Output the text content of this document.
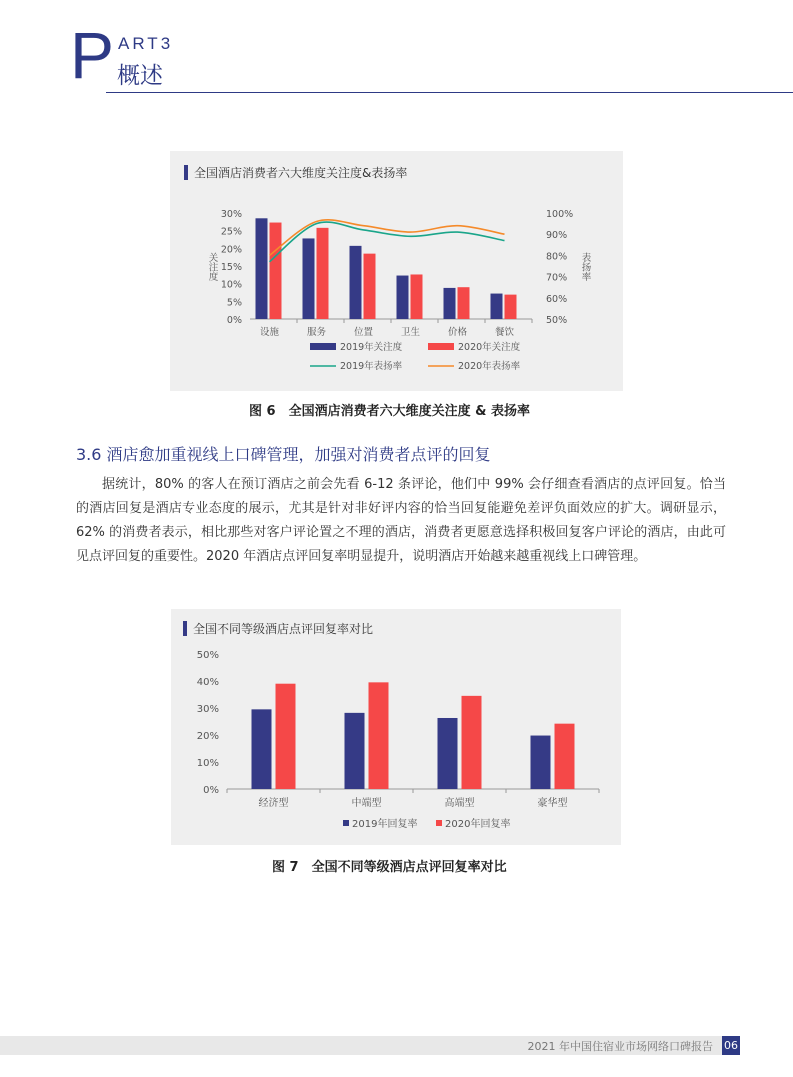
P ART3
概述
全国酒店消费者六大维度关注度&表扬率
0%
5%
10%
15%
20%
25%
30%
50%
60%
70%
80%
90%
100%
关注度	表扬率
设施	服务	位置	卫生	价格	餐饮
2019年关注度	2020年关注度
2019年表扬率	2020年表扬率
图 6　全国酒店消费者六大维度关注度 & 表扬率
3.6 酒店愈加重视线上口碑管理，加强对消费者点评的回复

据统计，80% 的客人在预订酒店之前会先看 6-12 条评论，他们中 99% 会仔细查看酒店的点评回复。恰当的酒店回复是酒店专业态度的展示，尤其是针对非好评内容的恰当回复能避免差评负面效应的扩大。调研显示，62% 的消费者表示，相比那些对客户评论置之不理的酒店，消费者更愿意选择积极回复客户评论的酒店，由此可见点评回复的重要性。2020 年酒店点评回复率明显提升，说明酒店开始越来越重视线上口碑管理。

全国不同等级酒店点评回复率对比
0%
10%
20%
30%
40%
50%
经济型	中端型	高端型	豪华型
2019年回复率	2020年回复率
图 7　全国不同等级酒店点评回复率对比
2021 年中国住宿业市场网络口碑报告 06
